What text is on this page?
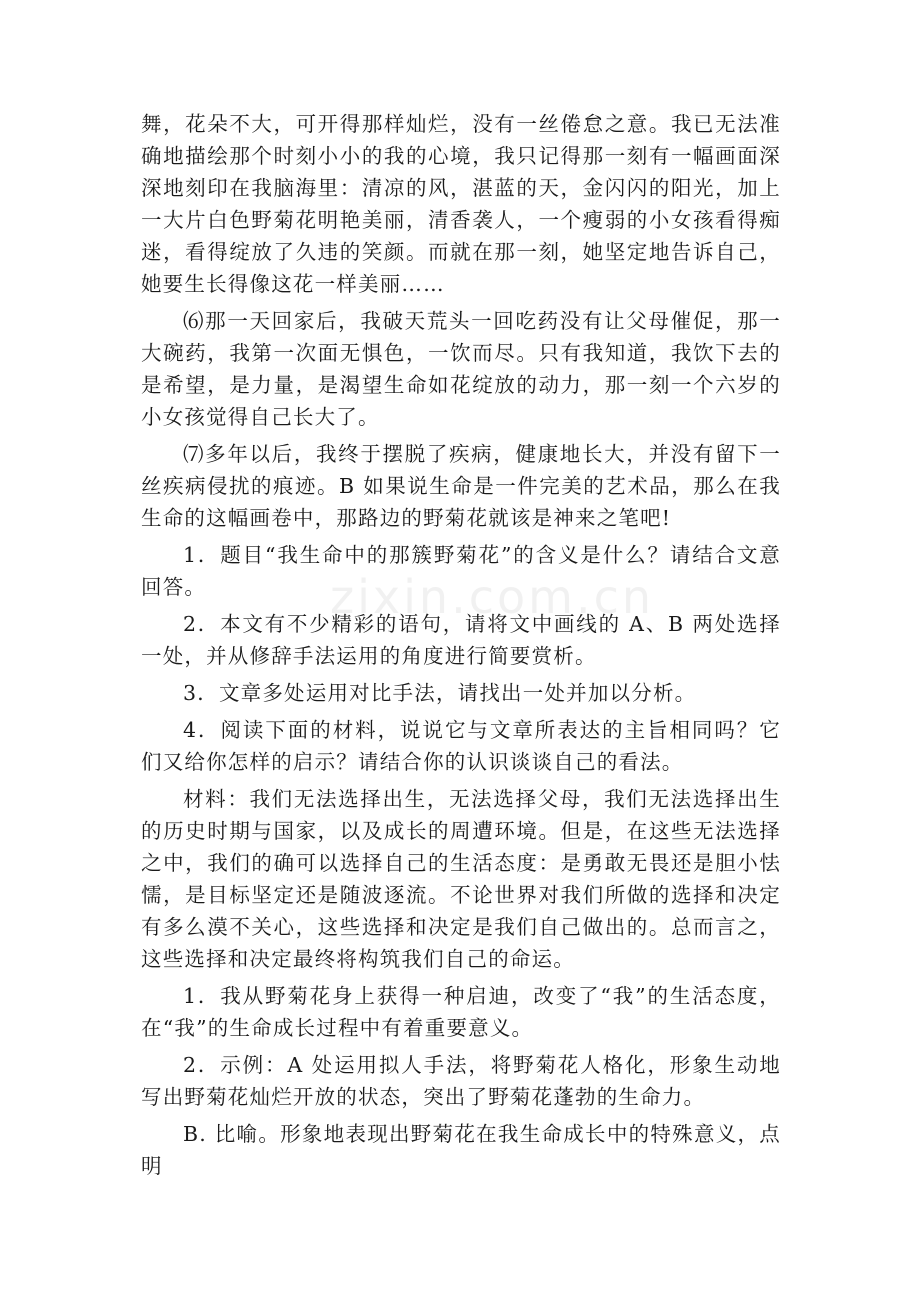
zixin.com.cn

舞，花朵不大，可开得那样灿烂，没有一丝倦怠之意。我已无法准确地描绘那个时刻小小的我的心境，我只记得那一刻有一幅画面深深地刻印在我脑海里：清凉的风，湛蓝的天，金闪闪的阳光，加上一大片白色野菊花明艳美丽，清香袭人，一个瘦弱的小女孩看得痴迷，看得绽放了久违的笑颜。而就在那一刻，她坚定地告诉自己，她要生长得像这花一样美丽……

⑹那一天回家后，我破天荒头一回吃药没有让父母催促，那一大碗药，我第一次面无惧色，一饮而尽。只有我知道，我饮下去的是希望，是力量，是渴望生命如花绽放的动力，那一刻一个六岁的小女孩觉得自己长大了。

⑺多年以后，我终于摆脱了疾病，健康地长大，并没有留下一丝疾病侵扰的痕迹。B 如果说生命是一件完美的艺术品，那么在我生命的这幅画卷中，那路边的野菊花就该是神来之笔吧!

1．题目“我生命中的那簇野菊花”的含义是什么？请结合文意回答。

2．本文有不少精彩的语句，请将文中画线的 A、B 两处选择一处，并从修辞手法运用的角度进行简要赏析。

3．文章多处运用对比手法，请找出一处并加以分析。

4．阅读下面的材料，说说它与文章所表达的主旨相同吗？它们又给你怎样的启示？请结合你的认识谈谈自己的看法。

材料：我们无法选择出生，无法选择父母，我们无法选择出生的历史时期与国家，以及成长的周遭环境。但是，在这些无法选择之中，我们的确可以选择自己的生活态度：是勇敢无畏还是胆小怯懦，是目标坚定还是随波逐流。不论世界对我们所做的选择和决定有多么漠不关心，这些选择和决定是我们自己做出的。总而言之，这些选择和决定最终将构筑我们自己的命运。

1．我从野菊花身上获得一种启迪，改变了“我”的生活态度，在“我”的生命成长过程中有着重要意义。

2．示例：A 处运用拟人手法，将野菊花人格化，形象生动地写出野菊花灿烂开放的状态，突出了野菊花蓬勃的生命力。

B. 比喻。形象地表现出野菊花在我生命成长中的特殊意义，点明
